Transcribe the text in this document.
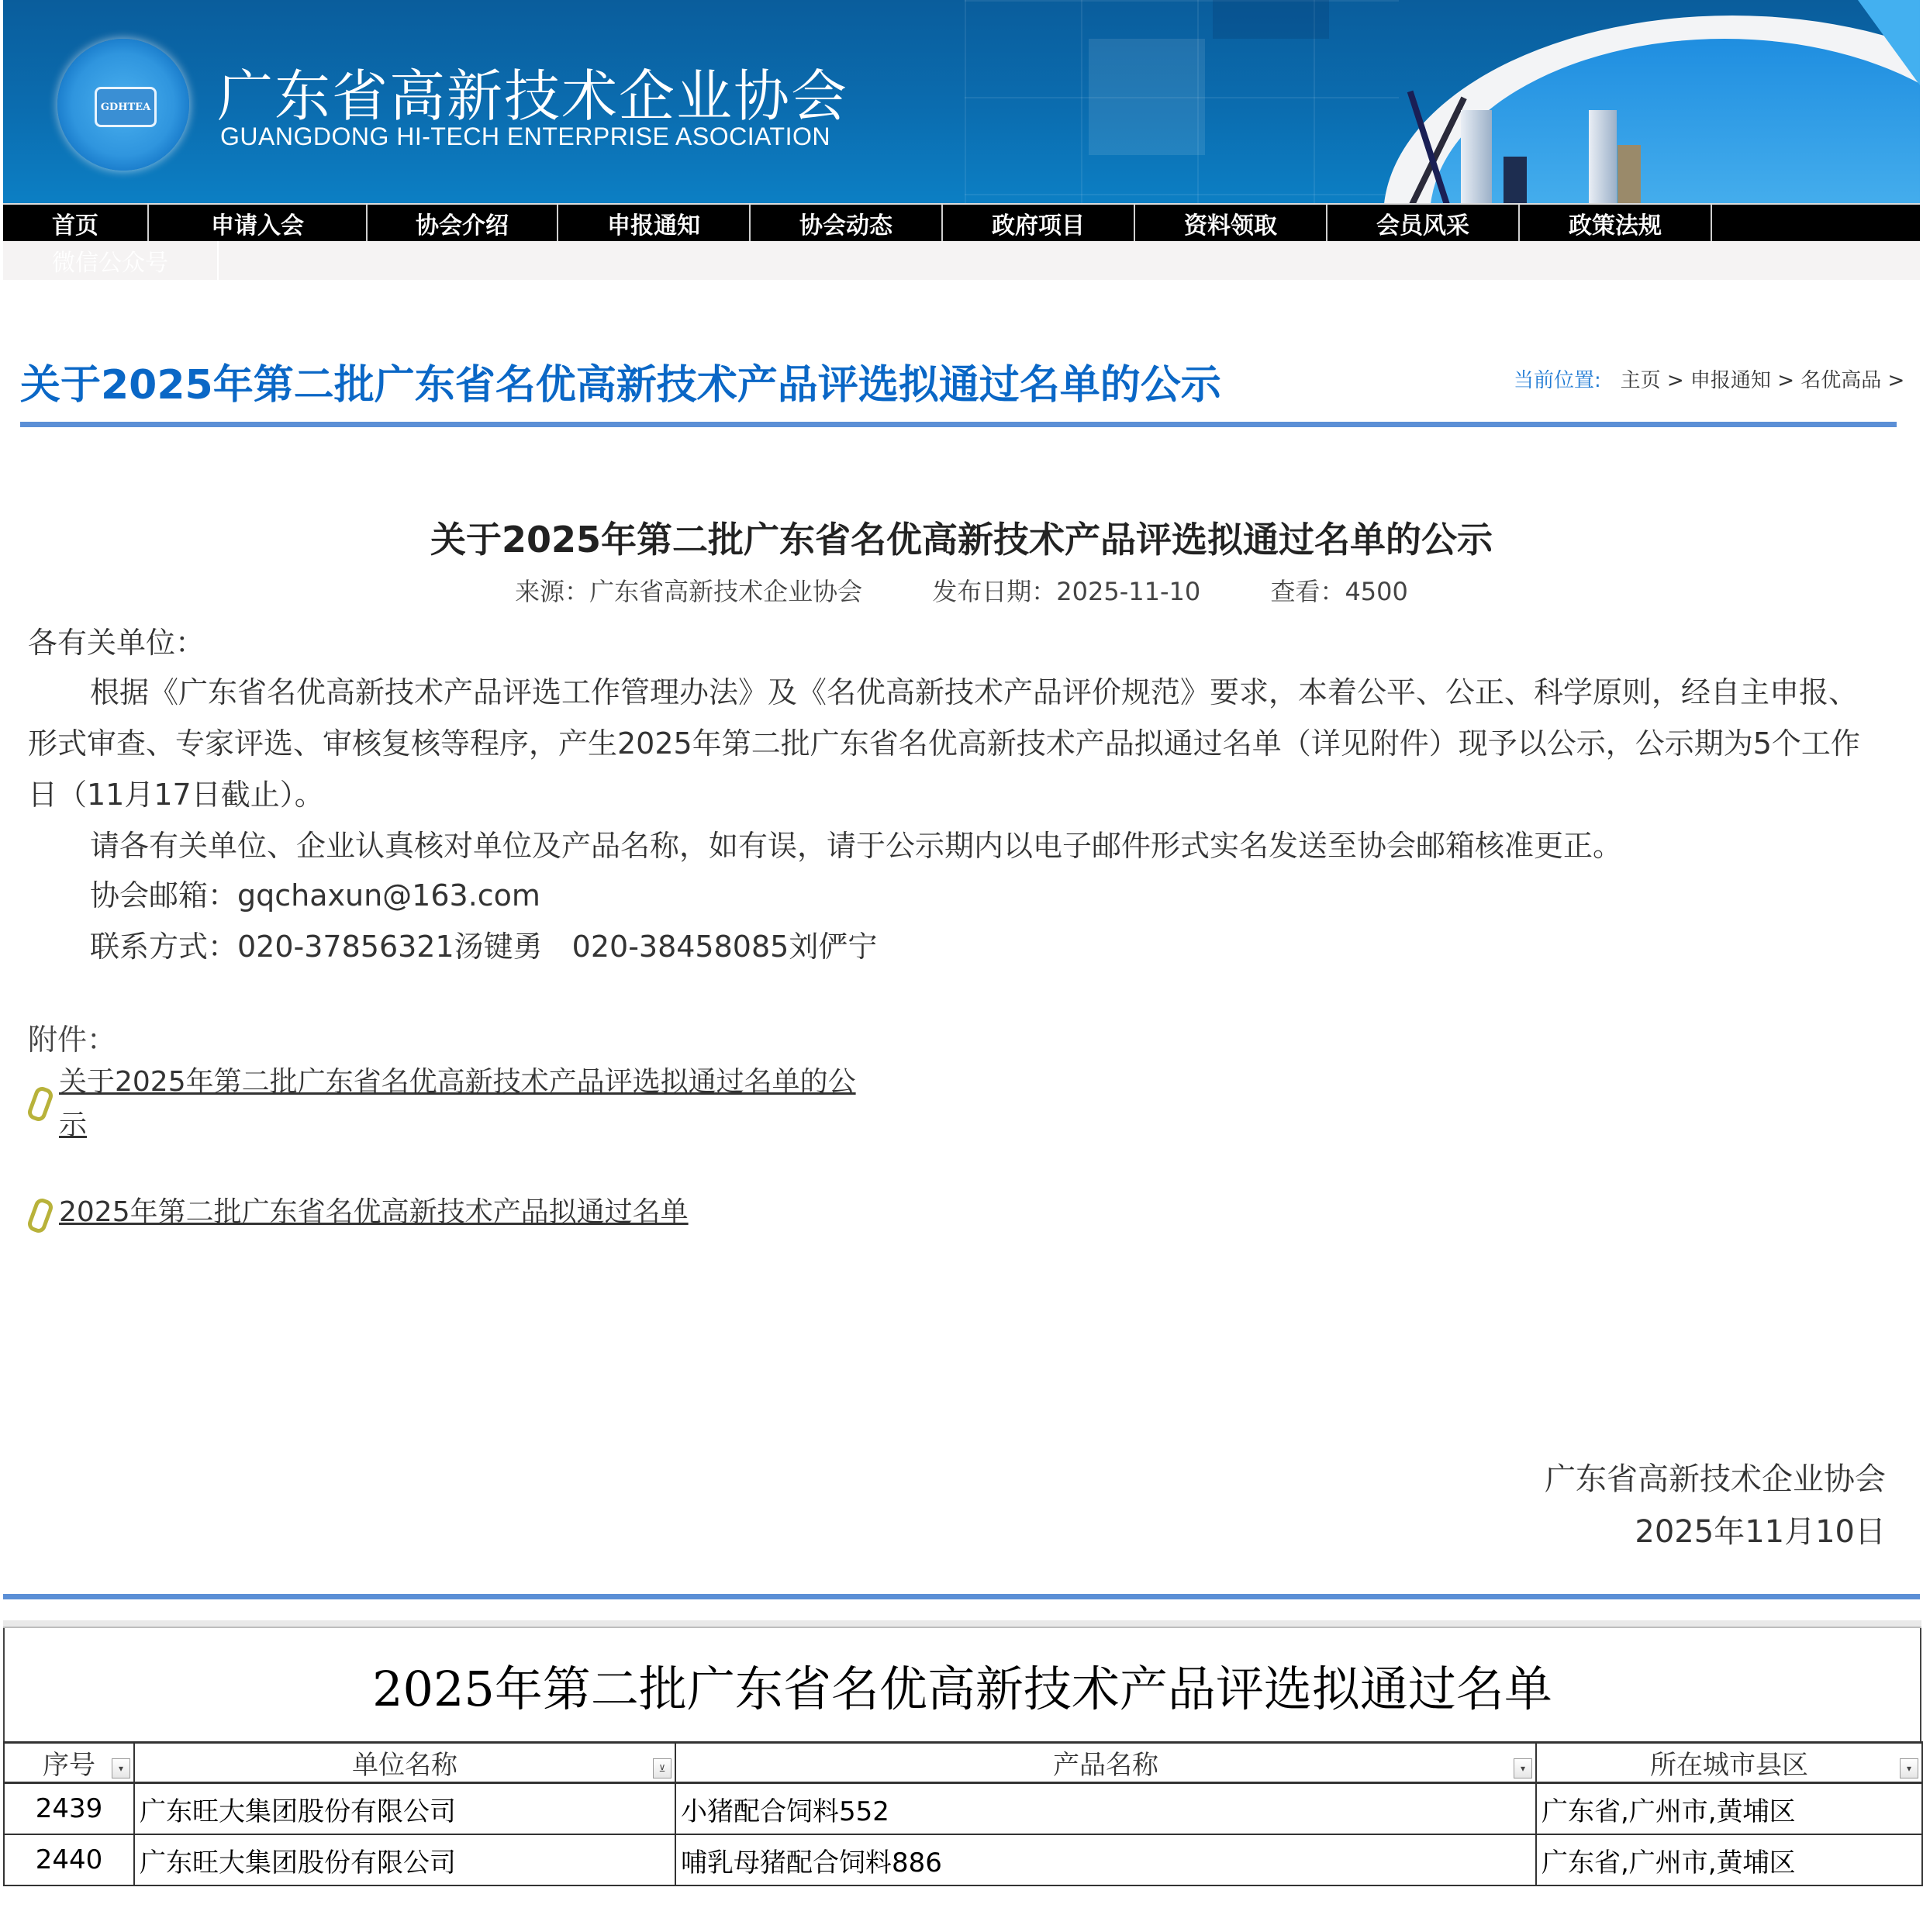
GDHTEA 广东省高新技术企业协会
GUANGDONG HI-TECH ENTERPRISE ASOCIATION
首页	申请入会	协会介绍	申报通知	协会动态	政府项目	资料领取	会员风采	政策法规
微信公众号
关于2025年第二批广东省名优高新技术产品评选拟通过名单的公示	当前位置: 主页 > 申报通知 > 名优高品 >
关于2025年第二批广东省名优高新技术产品评选拟通过名单的公示
来源：广东省高新技术企业协会	发布日期：2025-11-10	查看：4500
各有关单位：
根据《广东省名优高新技术产品评选工作管理办法》及《名优高新技术产品评价规范》要求，本着公平、公正、科学原则，经自主申报、
形式审查、专家评选、审核复核等程序，产生2025年第二批广东省名优高新技术产品拟通过名单（详见附件）现予以公示，公示期为5个工作
日（11月17日截止）。
请各有关单位、企业认真核对单位及产品名称，如有误，请于公示期内以电子邮件形式实名发送至协会邮箱核准更正。
协会邮箱：gqchaxun@163.com
联系方式：020-37856321汤键勇　020-38458085刘俨宁
附件：
关于2025年第二批广东省名优高新技术产品评选拟通过名单的公
示
2025年第二批广东省名优高新技术产品拟通过名单
广东省高新技术企业协会
2025年11月10日
2025年第二批广东省名优高新技术产品评选拟通过名单
序号 ▾	单位名称 ⊻	产品名称 ▾	所在城市县区 ▾

2439	广东旺大集团股份有限公司	小猪配合饲料552	广东省,广州市,黄埔区
2440	广东旺大集团股份有限公司	哺乳母猪配合饲料886	广东省,广州市,黄埔区
